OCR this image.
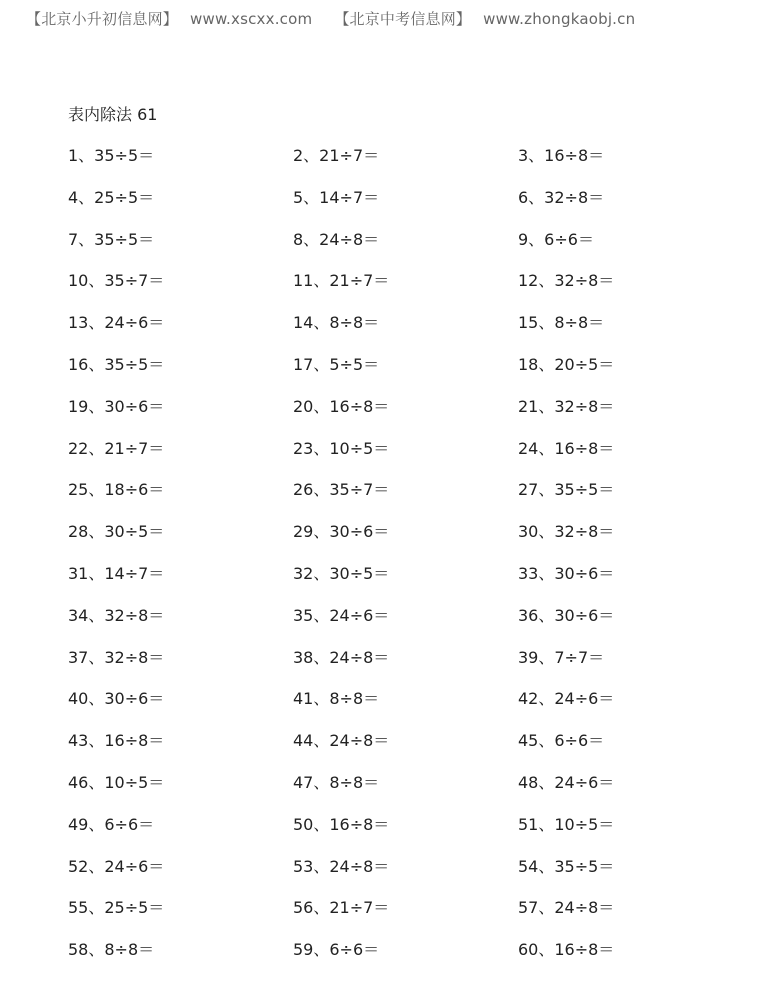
【北京小升初信息网】 www.xscxx.com 【北京中考信息网】 www.zhongkaobj.cn
表内除法 61
1、35÷5＝	2、21÷7＝	3、16÷8＝
4、25÷5＝	5、14÷7＝	6、32÷8＝
7、35÷5＝	8、24÷8＝	9、6÷6＝
10、35÷7＝	11、21÷7＝	12、32÷8＝
13、24÷6＝	14、8÷8＝	15、8÷8＝
16、35÷5＝	17、5÷5＝	18、20÷5＝
19、30÷6＝	20、16÷8＝	21、32÷8＝
22、21÷7＝	23、10÷5＝	24、16÷8＝
25、18÷6＝	26、35÷7＝	27、35÷5＝
28、30÷5＝	29、30÷6＝	30、32÷8＝
31、14÷7＝	32、30÷5＝	33、30÷6＝
34、32÷8＝	35、24÷6＝	36、30÷6＝
37、32÷8＝	38、24÷8＝	39、7÷7＝
40、30÷6＝	41、8÷8＝	42、24÷6＝
43、16÷8＝	44、24÷8＝	45、6÷6＝
46、10÷5＝	47、8÷8＝	48、24÷6＝
49、6÷6＝	50、16÷8＝	51、10÷5＝
52、24÷6＝	53、24÷8＝	54、35÷5＝
55、25÷5＝	56、21÷7＝	57、24÷8＝
58、8÷8＝	59、6÷6＝	60、16÷8＝
